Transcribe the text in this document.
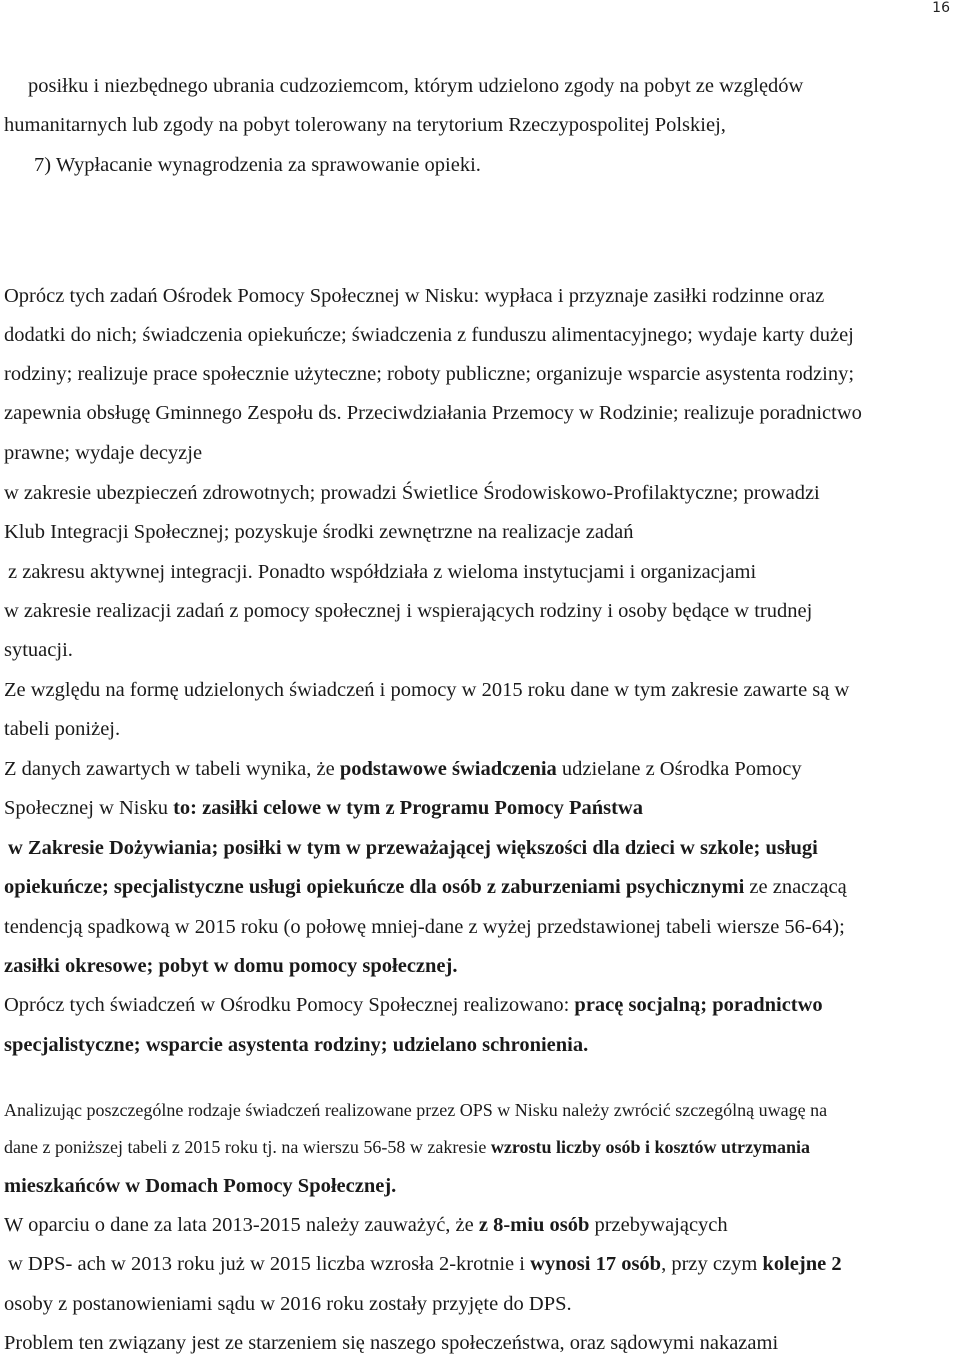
16
posiłku i niezbędnego ubrania cudzoziemcom, którym udzielono zgody na pobyt ze względów
humanitarnych lub zgody na pobyt tolerowany na terytorium Rzeczypospolitej Polskiej,
7) Wypłacanie wynagrodzenia za sprawowanie opieki.
Oprócz tych zadań Ośrodek Pomocy Społecznej w Nisku: wypłaca i przyznaje zasiłki rodzinne oraz
dodatki do nich; świadczenia opiekuńcze; świadczenia z funduszu alimentacyjnego; wydaje karty dużej
rodziny; realizuje prace społecznie użyteczne; roboty publiczne; organizuje wsparcie asystenta rodziny;
zapewnia obsługę Gminnego Zespołu ds. Przeciwdziałania Przemocy w Rodzinie; realizuje poradnictwo
prawne; wydaje decyzje
w zakresie ubezpieczeń zdrowotnych; prowadzi Świetlice Środowiskowo-Profilaktyczne; prowadzi
Klub Integracji Społecznej; pozyskuje środki zewnętrzne na realizacje zadań
z zakresu aktywnej integracji. Ponadto współdziała z wieloma instytucjami i organizacjami
w zakresie realizacji zadań z pomocy społecznej i wspierających rodziny i osoby będące w trudnej
sytuacji.
Ze względu na formę udzielonych świadczeń i pomocy w 2015 roku dane w tym zakresie zawarte są w
tabeli poniżej.
Z danych zawartych w tabeli wynika, że podstawowe świadczenia udzielane z Ośrodka Pomocy
Społecznej w Nisku to: zasiłki celowe w tym z Programu Pomocy Państwa
w Zakresie Dożywiania; posiłki w tym w przeważającej większości dla dzieci w szkole; usługi
opiekuńcze; specjalistyczne usługi opiekuńcze dla osób z zaburzeniami psychicznymi ze znaczącą
tendencją spadkową w 2015 roku (o połowę mniej-dane z wyżej przedstawionej tabeli wiersze 56-64);
zasiłki okresowe; pobyt w domu pomocy społecznej.
Oprócz tych świadczeń w Ośrodku Pomocy Społecznej realizowano: pracę socjalną; poradnictwo
specjalistyczne; wsparcie asystenta rodziny; udzielano schronienia.
Analizując poszczególne rodzaje świadczeń realizowane przez OPS w Nisku należy zwrócić szczególną uwagę na
dane z poniższej tabeli z 2015 roku tj. na wierszu 56-58 w zakresie wzrostu liczby osób i kosztów utrzymania
mieszkańców w Domach Pomocy Społecznej.
W oparciu o dane za lata 2013-2015 należy zauważyć, że z 8-miu osób przebywających
w DPS- ach w 2013 roku już w 2015 liczba wzrosła 2-krotnie i wynosi 17 osób, przy czym kolejne 2
osoby z postanowieniami sądu w 2016 roku zostały przyjęte do DPS.
Problem ten związany jest ze starzeniem się naszego społeczeństwa, oraz sądowymi nakazami
